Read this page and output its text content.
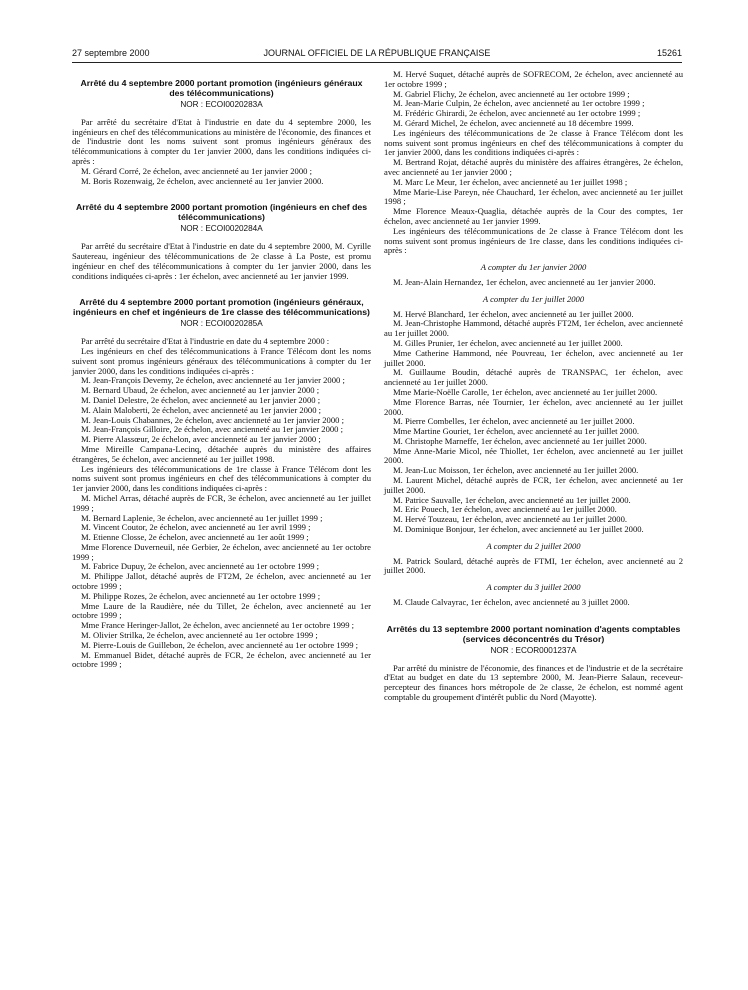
27 septembre 2000	JOURNAL OFFICIEL DE LA RÉPUBLIQUE FRANÇAISE	15261
Arrêté du 4 septembre 2000 portant promotion (ingénieurs généraux des télécommunications)
NOR : ECOI0020283A

Par arrêté du secrétaire d'Etat à l'industrie en date du 4 septembre 2000, les ingénieurs en chef des télécommunications au ministère de l'économie, des finances et de l'industrie dont les noms suivent sont promus ingénieurs généraux des télécommunications à compter du 1er janvier 2000, dans les conditions indiquées ci-après :

M. Gérard Corré, 2e échelon, avec ancienneté au 1er janvier 2000 ;

M. Boris Rozenwaig, 2e échelon, avec ancienneté au 1er janvier 2000.

Arrêté du 4 septembre 2000 portant promotion (ingénieurs en chef des télécommunications)
NOR : ECOI0020284A

Par arrêté du secrétaire d'Etat à l'industrie en date du 4 septembre 2000, M. Cyrille Sautereau, ingénieur des télécommunications de 2e classe à La Poste, est promu ingénieur en chef des télécommunications à compter du 1er janvier 2000, dans les conditions indiquées ci-après : 1er échelon, avec ancienneté au 1er janvier 1999.

Arrêté du 4 septembre 2000 portant promotion (ingénieurs généraux, ingénieurs en chef et ingénieurs de 1re classe des télécommunications)
NOR : ECOI0020285A

Par arrêté du secrétaire d'Etat à l'industrie en date du 4 septembre 2000 :

Les ingénieurs en chef des télécommunications à France Télécom dont les noms suivent sont promus ingénieurs généraux des télécommunications à compter du 1er janvier 2000, dans les conditions indiquées ci-après :

M. Jean-François Devemy, 2e échelon, avec ancienneté au 1er janvier 2000 ;

M. Bernard Ubaud, 2e échelon, avec ancienneté au 1er janvier 2000 ;

M. Daniel Delestre, 2e échelon, avec ancienneté au 1er janvier 2000 ;

M. Alain Maloberti, 2e échelon, avec ancienneté au 1er janvier 2000 ;

M. Jean-Louis Chabannes, 2e échelon, avec ancienneté au 1er janvier 2000 ;

M. Jean-François Gilloire, 2e échelon, avec ancienneté au 1er janvier 2000 ;

M. Pierre Alassœur, 2e échelon, avec ancienneté au 1er janvier 2000 ;

Mme Mireille Campana-Lecinq, détachée auprès du ministère des affaires étrangères, 5e échelon, avec ancienneté au 1er juillet 1998.

Les ingénieurs des télécommunications de 1re classe à France Télécom dont les noms suivent sont promus ingénieurs en chef des télécommunications à compter du 1er janvier 2000, dans les conditions indiquées ci-après :

M. Michel Arras, détaché auprès de FCR, 3e échelon, avec ancienneté au 1er juillet 1999 ;

M. Bernard Laplenie, 3e échelon, avec ancienneté au 1er juillet 1999 ;

M. Vincent Coutor, 2e échelon, avec ancienneté au 1er avril 1999 ;

M. Etienne Closse, 2e échelon, avec ancienneté au 1er août 1999 ;

Mme Florence Duverneuil, née Gerbier, 2e échelon, avec ancienneté au 1er octobre 1999 ;

M. Fabrice Dupuy, 2e échelon, avec ancienneté au 1er octobre 1999 ;

M. Philippe Jallot, détaché auprès de FT2M, 2e échelon, avec ancienneté au 1er octobre 1999 ;

M. Philippe Rozes, 2e échelon, avec ancienneté au 1er octobre 1999 ;

Mme Laure de la Raudière, née du Tillet, 2e échelon, avec ancienneté au 1er octobre 1999 ;

Mme France Heringer-Jallot, 2e échelon, avec ancienneté au 1er octobre 1999 ;

M. Olivier Strilka, 2e échelon, avec ancienneté au 1er octobre 1999 ;

M. Pierre-Louis de Guillebon, 2e échelon, avec ancienneté au 1er octobre 1999 ;

M. Emmanuel Bidet, détaché auprès de FCR, 2e échelon, avec ancienneté au 1er octobre 1999 ;

M. Hervé Suquet, détaché auprès de SOFRECOM, 2e échelon, avec ancienneté au 1er octobre 1999 ;

M. Gabriel Flichy, 2e échelon, avec ancienneté au 1er octobre 1999 ;

M. Jean-Marie Culpin, 2e échelon, avec ancienneté au 1er octobre 1999 ;

M. Frédéric Ghirardi, 2e échelon, avec ancienneté au 1er octobre 1999 ;

M. Gérard Michel, 2e échelon, avec ancienneté au 18 décembre 1999.

Les ingénieurs des télécommunications de 2e classe à France Télécom dont les noms suivent sont promus ingénieurs en chef des télécommunications à compter du 1er janvier 2000, dans les conditions indiquées ci-après :

M. Bertrand Rojat, détaché auprès du ministère des affaires étrangères, 2e échelon, avec ancienneté au 1er janvier 2000 ;

M. Marc Le Meur, 1er échelon, avec ancienneté au 1er juillet 1998 ;

Mme Marie-Lise Pareyn, née Chauchard, 1er échelon, avec ancienneté au 1er juillet 1998 ;

Mme Florence Meaux-Quaglia, détachée auprès de la Cour des comptes, 1er échelon, avec ancienneté au 1er janvier 1999.

Les ingénieurs des télécommunications de 2e classe à France Télécom dont les noms suivent sont promus ingénieurs de 1re classe, dans les conditions indiquées ci-après :

A compter du 1er janvier 2000

M. Jean-Alain Hernandez, 1er échelon, avec ancienneté au 1er janvier 2000.

A compter du 1er juillet 2000

M. Hervé Blanchard, 1er échelon, avec ancienneté au 1er juillet 2000.

M. Jean-Christophe Hammond, détaché auprès FT2M, 1er échelon, avec ancienneté au 1er juillet 2000.

M. Gilles Prunier, 1er échelon, avec ancienneté au 1er juillet 2000.

Mme Catherine Hammond, née Pouvreau, 1er échelon, avec ancienneté au 1er juillet 2000.

M. Guillaume Boudin, détaché auprès de TRANSPAC, 1er échelon, avec ancienneté au 1er juillet 2000.

Mme Marie-Noëlle Carolle, 1er échelon, avec ancienneté au 1er juillet 2000.

Mme Florence Barras, née Tournier, 1er échelon, avec ancienneté au 1er juillet 2000.

M. Pierre Combelles, 1er échelon, avec ancienneté au 1er juillet 2000.

Mme Martine Gouriet, 1er échelon, avec ancienneté au 1er juillet 2000.

M. Christophe Marneffe, 1er échelon, avec ancienneté au 1er juillet 2000.

Mme Anne-Marie Micol, née Thiollet, 1er échelon, avec ancienneté au 1er juillet 2000.

M. Jean-Luc Moisson, 1er échelon, avec ancienneté au 1er juillet 2000.

M. Laurent Michel, détaché auprès de FCR, 1er échelon, avec ancienneté au 1er juillet 2000.

M. Patrice Sauvalle, 1er échelon, avec ancienneté au 1er juillet 2000.

M. Eric Pouech, 1er échelon, avec ancienneté au 1er juillet 2000.

M. Hervé Touzeau, 1er échelon, avec ancienneté au 1er juillet 2000.

M. Dominique Bonjour, 1er échelon, avec ancienneté au 1er juillet 2000.

A compter du 2 juillet 2000

M. Patrick Soulard, détaché auprès de FTMI, 1er échelon, avec ancienneté au 2 juillet 2000.

A compter du 3 juillet 2000

M. Claude Calvayrac, 1er échelon, avec ancienneté au 3 juillet 2000.

Arrêtés du 13 septembre 2000 portant nomination d'agents comptables (services déconcentrés du Trésor)
NOR : ECOR0001237A

Par arrêté du ministre de l'économie, des finances et de l'industrie et de la secrétaire d'Etat au budget en date du 13 septembre 2000, M. Jean-Pierre Salaun, receveur-percepteur des finances hors métropole de 2e classe, 2e échelon, est nommé agent comptable du groupement d'intérêt public du Nord (Mayotte).
